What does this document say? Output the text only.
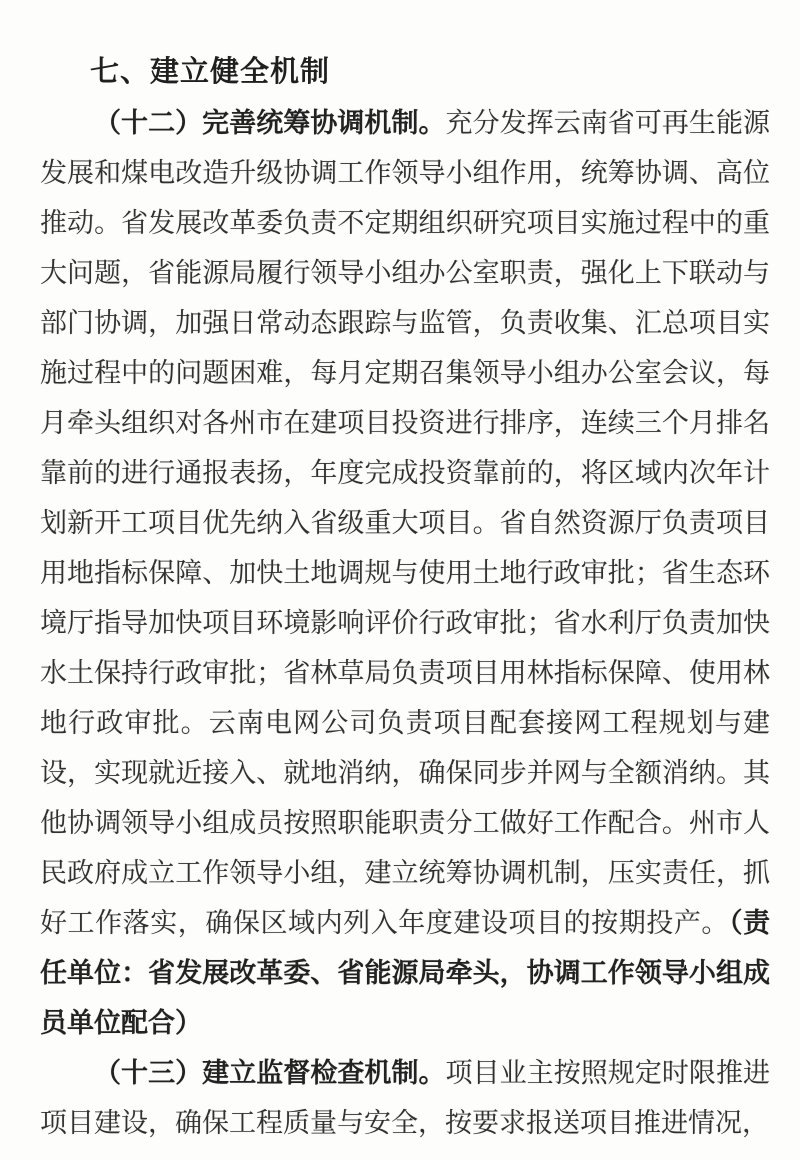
七、建立健全机制

（十二）完善统筹协调机制。充分发挥云南省可再生能源发展和煤电改造升级协调工作领导小组作用，统筹协调、高位推动。省发展改革委负责不定期组织研究项目实施过程中的重大问题，省能源局履行领导小组办公室职责，强化上下联动与部门协调，加强日常动态跟踪与监管，负责收集、汇总项目实施过程中的问题困难，每月定期召集领导小组办公室会议，每月牵头组织对各州市在建项目投资进行排序，连续三个月排名靠前的进行通报表扬，年度完成投资靠前的，将区域内次年计划新开工项目优先纳入省级重大项目。省自然资源厅负责项目用地指标保障、加快土地调规与使用土地行政审批；省生态环境厅指导加快项目环境影响评价行政审批；省水利厅负责加快水土保持行政审批；省林草局负责项目用林指标保障、使用林地行政审批。云南电网公司负责项目配套接网工程规划与建设，实现就近接入、就地消纳，确保同步并网与全额消纳。其他协调领导小组成员按照职能职责分工做好工作配合。州市人民政府成立工作领导小组，建立统筹协调机制，压实责任，抓好工作落实，确保区域内列入年度建设项目的按期投产。（责任单位：省发展改革委、省能源局牵头，协调工作领导小组成员单位配合）

（十三）建立监督检查机制。项目业主按照规定时限推进项目建设，确保工程质量与安全，按要求报送项目推进情况，
